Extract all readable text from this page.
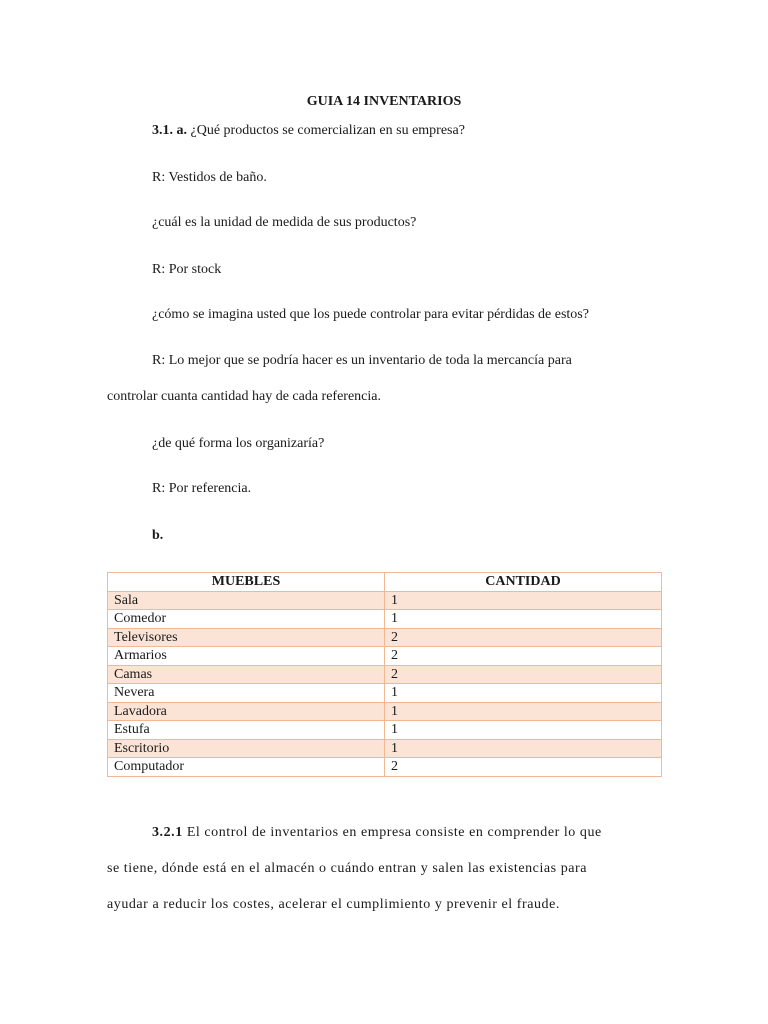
GUIA 14 INVENTARIOS
3.1. a. ¿Qué productos se comercializan en su empresa?
R: Vestidos de baño.
¿cuál es la unidad de medida de sus productos?
R: Por stock
¿cómo se imagina usted que los puede controlar para evitar pérdidas de estos?
R: Lo mejor que se podría hacer es un inventario de toda la mercancía para
controlar cuanta cantidad hay de cada referencia.
¿de qué forma los organizaría?
R: Por referencia.
b.
MUEBLES	CANTIDAD
Sala	1
Comedor	1
Televisores	2
Armarios	2
Camas	2
Nevera	1
Lavadora	1
Estufa	1
Escritorio	1
Computador	2
3.2.1 El control de inventarios en empresa consiste en comprender lo que
se tiene, dónde está en el almacén o cuándo entran y salen las existencias para
ayudar a reducir los costes, acelerar el cumplimiento y prevenir el fraude.
